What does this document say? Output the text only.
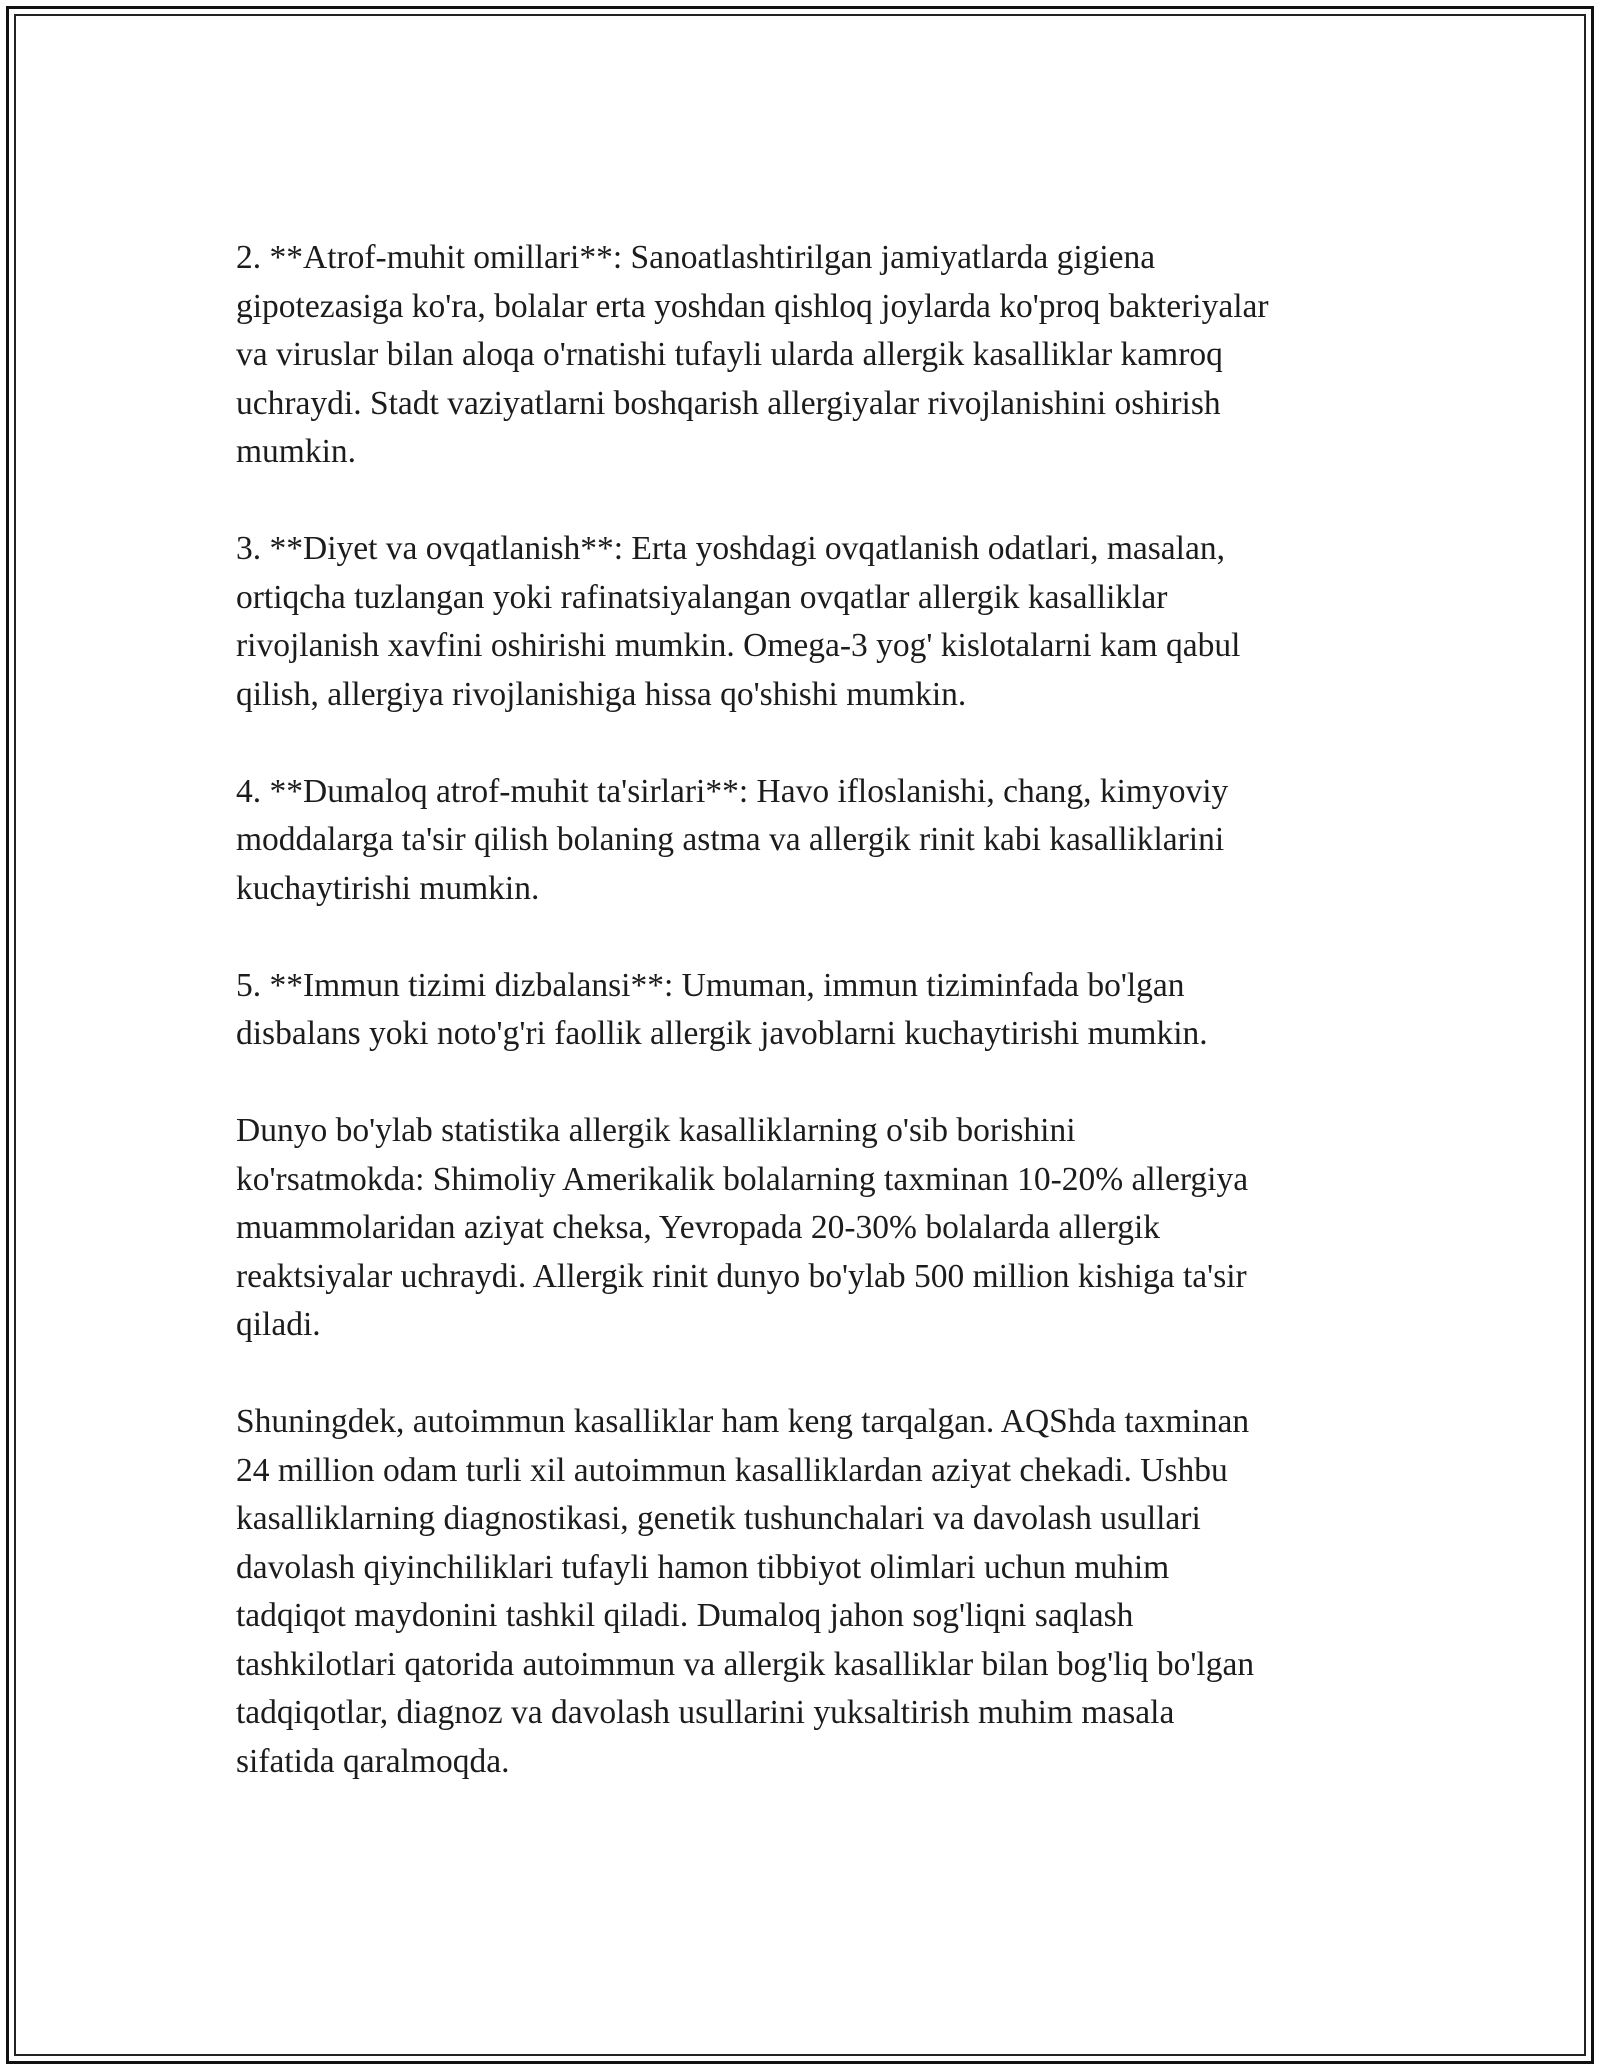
2. **Atrof-muhit omillari**: Sanoatlashtirilgan jamiyatlarda gigiena
gipotezasiga ko'ra, bolalar erta yoshdan qishloq joylarda ko'proq bakteriyalar
va viruslar bilan aloqa o'rnatishi tufayli ularda allergik kasalliklar kamroq
uchraydi. Stadt vaziyatlarni boshqarish allergiyalar rivojlanishini oshirish
mumkin.

3. **Diyet va ovqatlanish**: Erta yoshdagi ovqatlanish odatlari, masalan,
ortiqcha tuzlangan yoki rafinatsiyalangan ovqatlar allergik kasalliklar
rivojlanish xavfini oshirishi mumkin. Omega-3 yog' kislotalarni kam qabul
qilish, allergiya rivojlanishiga hissa qo'shishi mumkin.

4. **Dumaloq atrof-muhit ta'sirlari**: Havo ifloslanishi, chang, kimyoviy
moddalarga ta'sir qilish bolaning astma va allergik rinit kabi kasalliklarini
kuchaytirishi mumkin.

5. **Immun tizimi dizbalansi**: Umuman, immun tiziminfada bo'lgan
disbalans yoki noto'g'ri faollik allergik javoblarni kuchaytirishi mumkin.

Dunyo bo'ylab statistika allergik kasalliklarning o'sib borishini
ko'rsatmokda: Shimoliy Amerikalik bolalarning taxminan 10-20% allergiya
muammolaridan aziyat cheksa, Yevropada 20-30% bolalarda allergik
reaktsiyalar uchraydi. Allergik rinit dunyo bo'ylab 500 million kishiga ta'sir
qiladi.

Shuningdek, autoimmun kasalliklar ham keng tarqalgan. AQShda taxminan
24 million odam turli xil autoimmun kasalliklardan aziyat chekadi. Ushbu
kasalliklarning diagnostikasi, genetik tushunchalari va davolash usullari
davolash qiyinchiliklari tufayli hamon tibbiyot olimlari uchun muhim
tadqiqot maydonini tashkil qiladi. Dumaloq jahon sog'liqni saqlash
tashkilotlari qatorida autoimmun va allergik kasalliklar bilan bog'liq bo'lgan
tadqiqotlar, diagnoz va davolash usullarini yuksaltirish muhim masala
sifatida qaralmoqda.
